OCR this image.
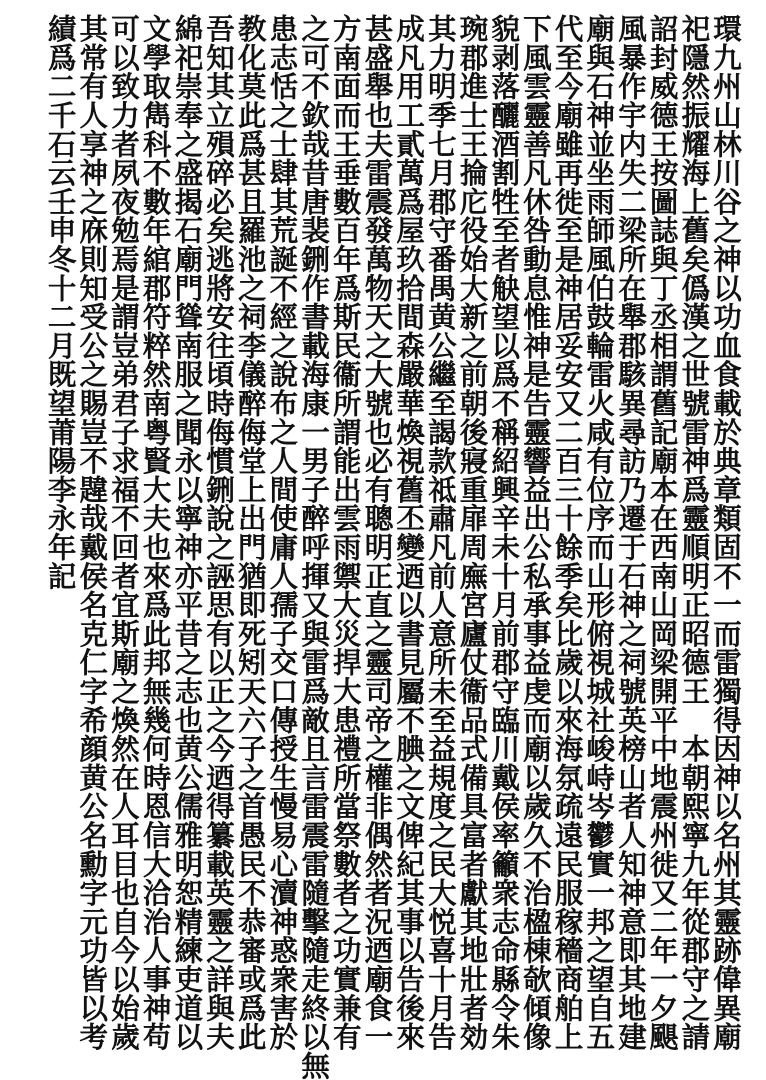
環九州山林川谷之神以功血食載於典章類固不一而雷獨得因神以名州其靈跡偉異廟
祀隱然振耀海上舊矣僞漢之世號雷神爲靈順明正昭德王　本朝熙寧九年從郡守之請
詔封威德王按圖誌與丁丞相謂舊記廟本在西南山岡梁開平中地震州徙又二年一夕颶
風暴作宇内失二梁所在舉郡駭異尋訪乃遷于石神之祠號英榜山者人知神意即其地建
廟與石神並坐雨師風伯鼓輪雷火咸有位序而山形俯視城社峻峙岑鬱實一邦之望自五
代至今廟雖再徙至是神居妥安又二百三十餘季矣比歲以來海氛疏遠民服稼穡商舶上
下風雲靈善凡休咎動息惟神是告靈響益出公私承事益虔而廟以歲久不治楹棟欹傾像
貌剥落釃酒割牲至者觖望以爲不稱紹興辛未十月前郡守臨川戴侯率籲衆志命縣令朱
琬郡進士王掄庀役始大新之前朝後寢重扉周廡宮廬仗衞品式備具富者獻其地壯者効
其力明季七月郡守番禺黄公繼至謁款祗肅凡前人意所未至益規度之民大悦喜十月告
成凡用工貳萬爲屋玖拾間森嚴華煥視舊丕變迺以書見屬不腆之文俾紀其事以告後來
甚盛舉也夫雷震發萬物天之大號也必有聰明正直之靈司帝之權非偶然者況迺廟食一
方南面而王垂數百年爲斯民衞所謂能出雲雨禦大災捍大患禮所當祭數者之功實兼有
之可不欽哉昔唐裴鉶作書載海康一男子醉呼揮又與雷爲敵且言雷震雷隨擊隨走終以無
患志恬之士肆其荒誕不經之說布之人間使庸人孺子交口傳授生慢易心瀆神惑衆害於
教化莫此爲甚且羅池之祠李儀醉侮堂上出門猶即死矧天六子之首愚民不恭審或爲此
吾知其立殞碎必矣逃將安往頃時侮慣鉶說之誣思有以正之今迺得纂載英靈之詳與夫
綿祀崇奉之盛揭石廟門聳南服之聞永以寧神亦平昔之志也黄公儒雅明恕精練吏道以
文學取雋科不數年綰郡符粹然南粤賢大夫也來爲此邦無幾何時恩信大洽治人事神苟
可以致力者夙夜勉焉是謂豈弟君子求福不回者宜斯廟之煥然在人耳目也自今以始歲
其常有人享神之庥則知受公之賜豈不韙哉戴侯名克仁字希顔黄公名勳字元功皆以考
績爲二千石云壬申冬十二月既望莆陽李永年記
